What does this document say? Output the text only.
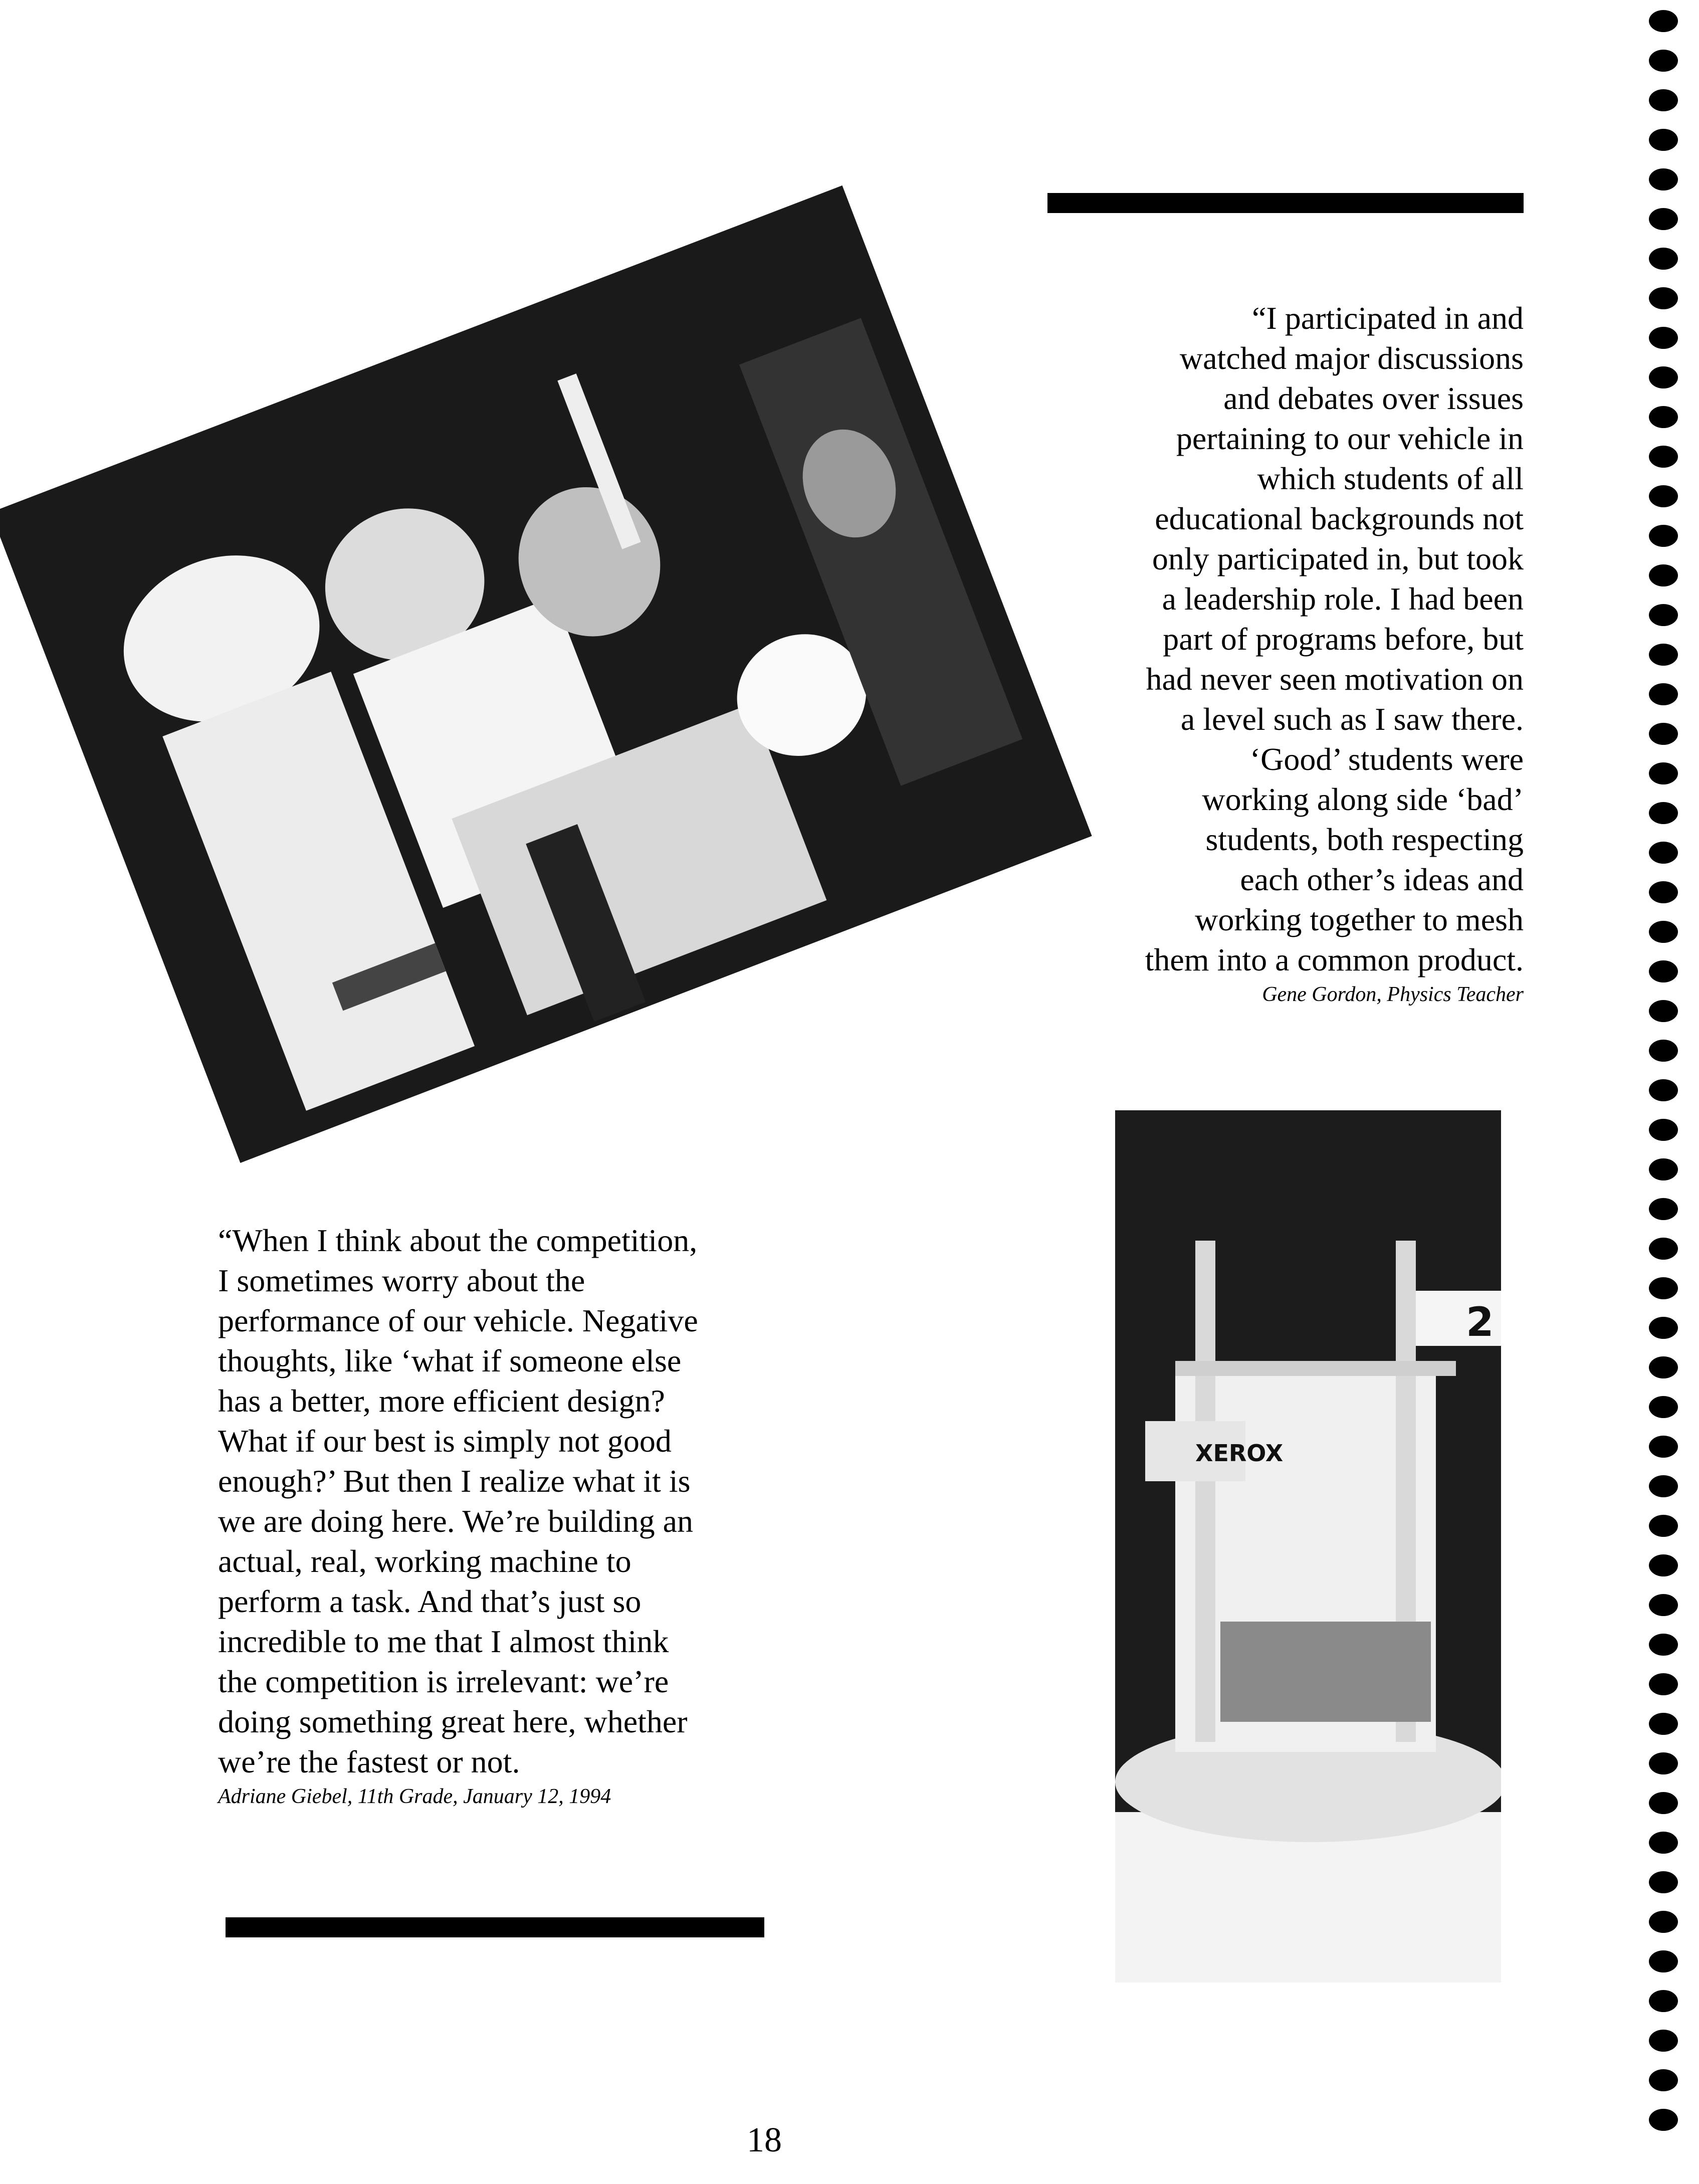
“I participated in and
watched major discussions
and debates over issues
pertaining to our vehicle in
which students of all
educational backgrounds not
only participated in, but took
a leadership role. I had been
part of programs before, but
had never seen motivation on
a level such as I saw there.
‘Good’ students were
working along side ‘bad’
students, both respecting
each other’s ideas and
working together to mesh
them into a common product.
Gene Gordon, Physics Teacher
“When I think about the competition,
I sometimes worry about the
performance of our vehicle. Negative
thoughts, like ‘what if someone else
has a better, more efficient design?
What if our best is simply not good
enough?’ But then I realize what it is
we are doing here. We’re building an
actual, real, working machine to
perform a task. And that’s just so
incredible to me that I almost think
the competition is irrelevant: we’re
doing something great here, whether
we’re the fastest or not.
Adriane Giebel, 11th Grade, January 12, 1994
XEROX
2
18
